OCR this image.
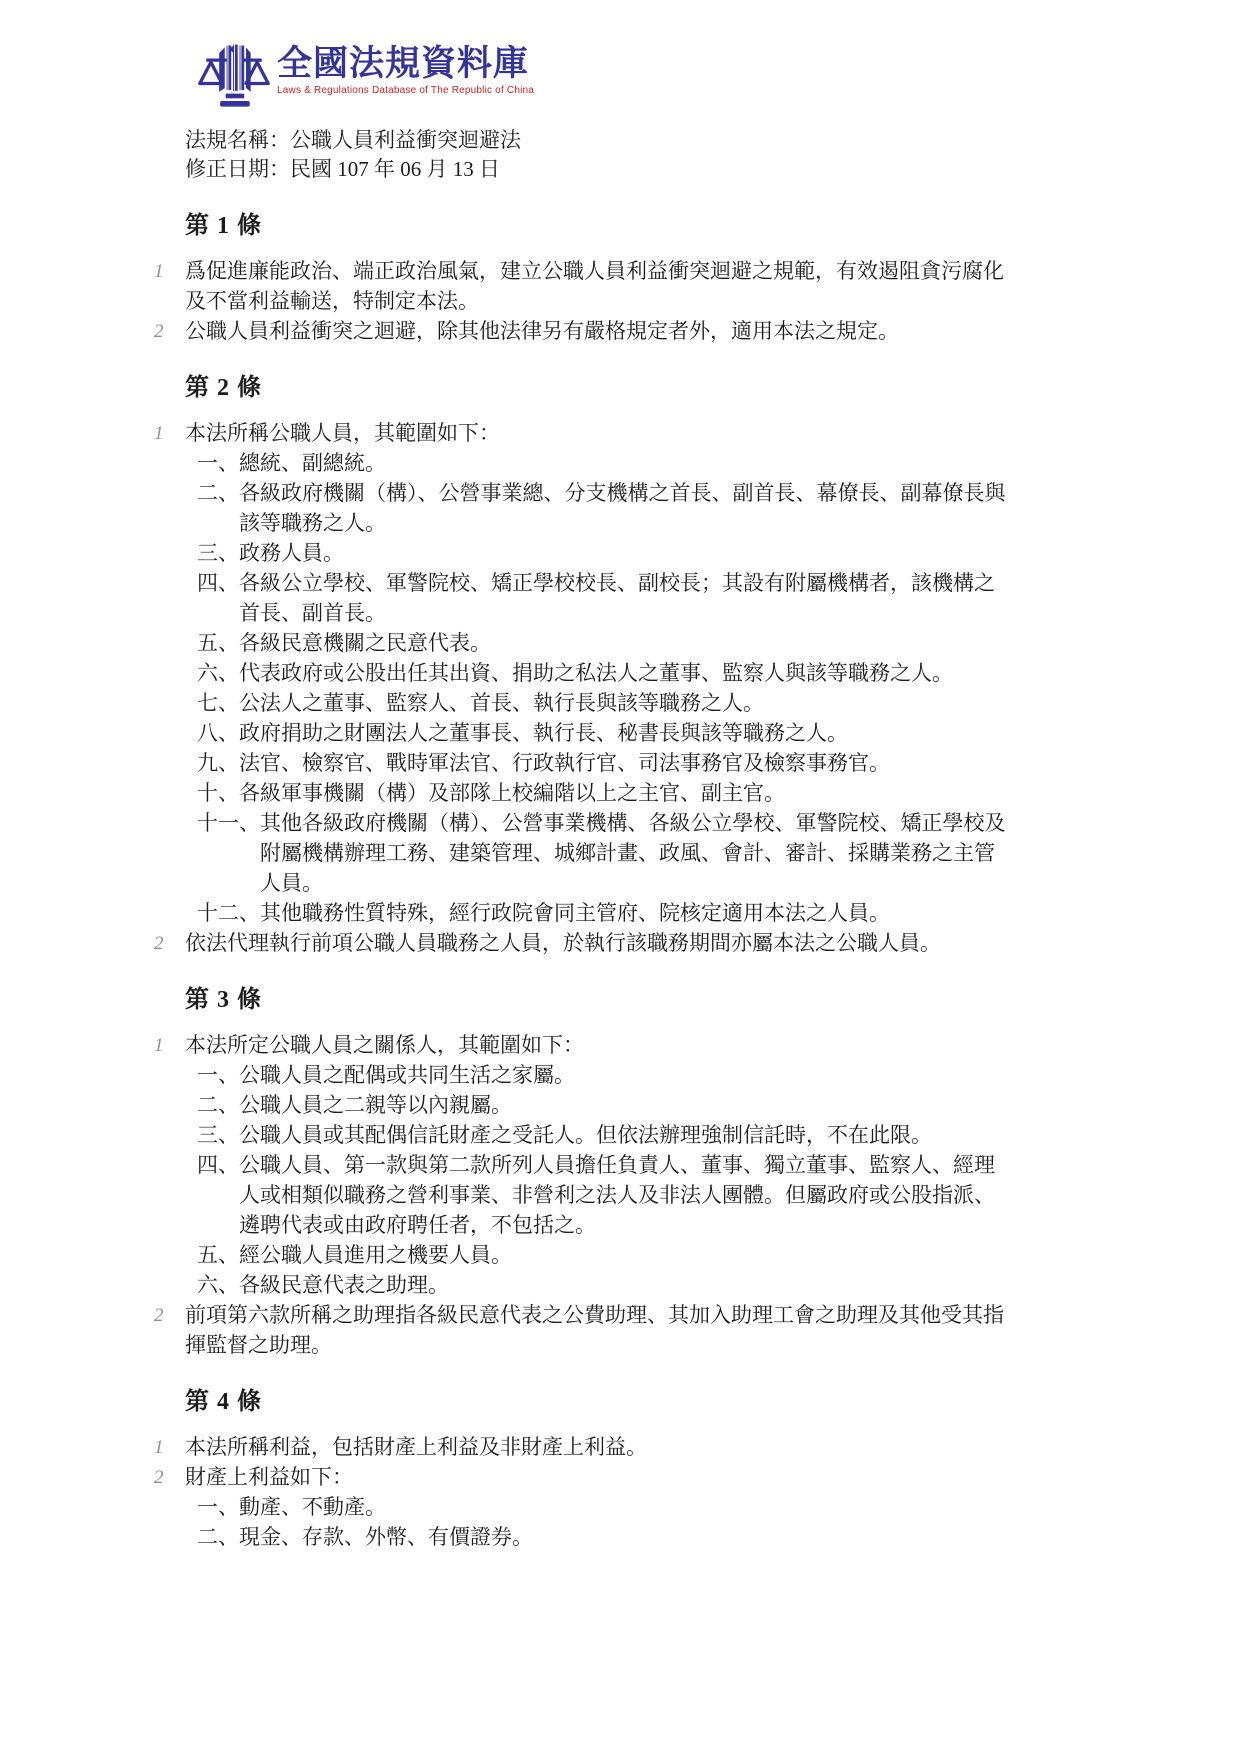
全國法規資料庫
Laws & Regulations Database of The Republic of China
法規名稱：公職人員利益衝突迴避法
修正日期：民國 107 年 06 月 13 日
第 1 條
1	爲促進廉能政治、端正政治風氣，建立公職人員利益衝突迴避之規範，有效遏阻貪污腐化及不當利益輸送，特制定本法。
2	公職人員利益衝突之迴避，除其他法律另有嚴格規定者外，適用本法之規定。
第 2 條
1	本法所稱公職人員，其範圍如下：
一、 總統、副總統。
二、 各級政府機關（構）、公營事業總、分支機構之首長、副首長、幕僚長、副幕僚長與該等職務之人。
三、 政務人員。
四、 各級公立學校、軍警院校、矯正學校校長、副校長；其設有附屬機構者，該機構之首長、副首長。
五、 各級民意機關之民意代表。
六、 代表政府或公股出任其出資、捐助之私法人之董事、監察人與該等職務之人。
七、 公法人之董事、監察人、首長、執行長與該等職務之人。
八、 政府捐助之財團法人之董事長、執行長、秘書長與該等職務之人。
九、 法官、檢察官、戰時軍法官、行政執行官、司法事務官及檢察事務官。
十、 各級軍事機關（構）及部隊上校編階以上之主官、副主官。
十一、 其他各級政府機關（構）、公營事業機構、各級公立學校、軍警院校、矯正學校及附屬機構辦理工務、建築管理、城鄉計畫、政風、會計、審計、採購業務之主管人員。
十二、 其他職務性質特殊，經行政院會同主管府、院核定適用本法之人員。
2	依法代理執行前項公職人員職務之人員，於執行該職務期間亦屬本法之公職人員。
第 3 條
1	本法所定公職人員之關係人，其範圍如下：
一、 公職人員之配偶或共同生活之家屬。
二、 公職人員之二親等以內親屬。
三、 公職人員或其配偶信託財產之受託人。但依法辦理強制信託時，不在此限。
四、 公職人員、第一款與第二款所列人員擔任負責人、董事、獨立董事、監察人、經理人或相類似職務之營利事業、非營利之法人及非法人團體。但屬政府或公股指派、遴聘代表或由政府聘任者，不包括之。
五、 經公職人員進用之機要人員。
六、 各級民意代表之助理。
2	前項第六款所稱之助理指各級民意代表之公費助理、其加入助理工會之助理及其他受其指揮監督之助理。
第 4 條
1	本法所稱利益，包括財產上利益及非財產上利益。
2	財產上利益如下：
一、 動產、不動產。
二、 現金、存款、外幣、有價證券。
